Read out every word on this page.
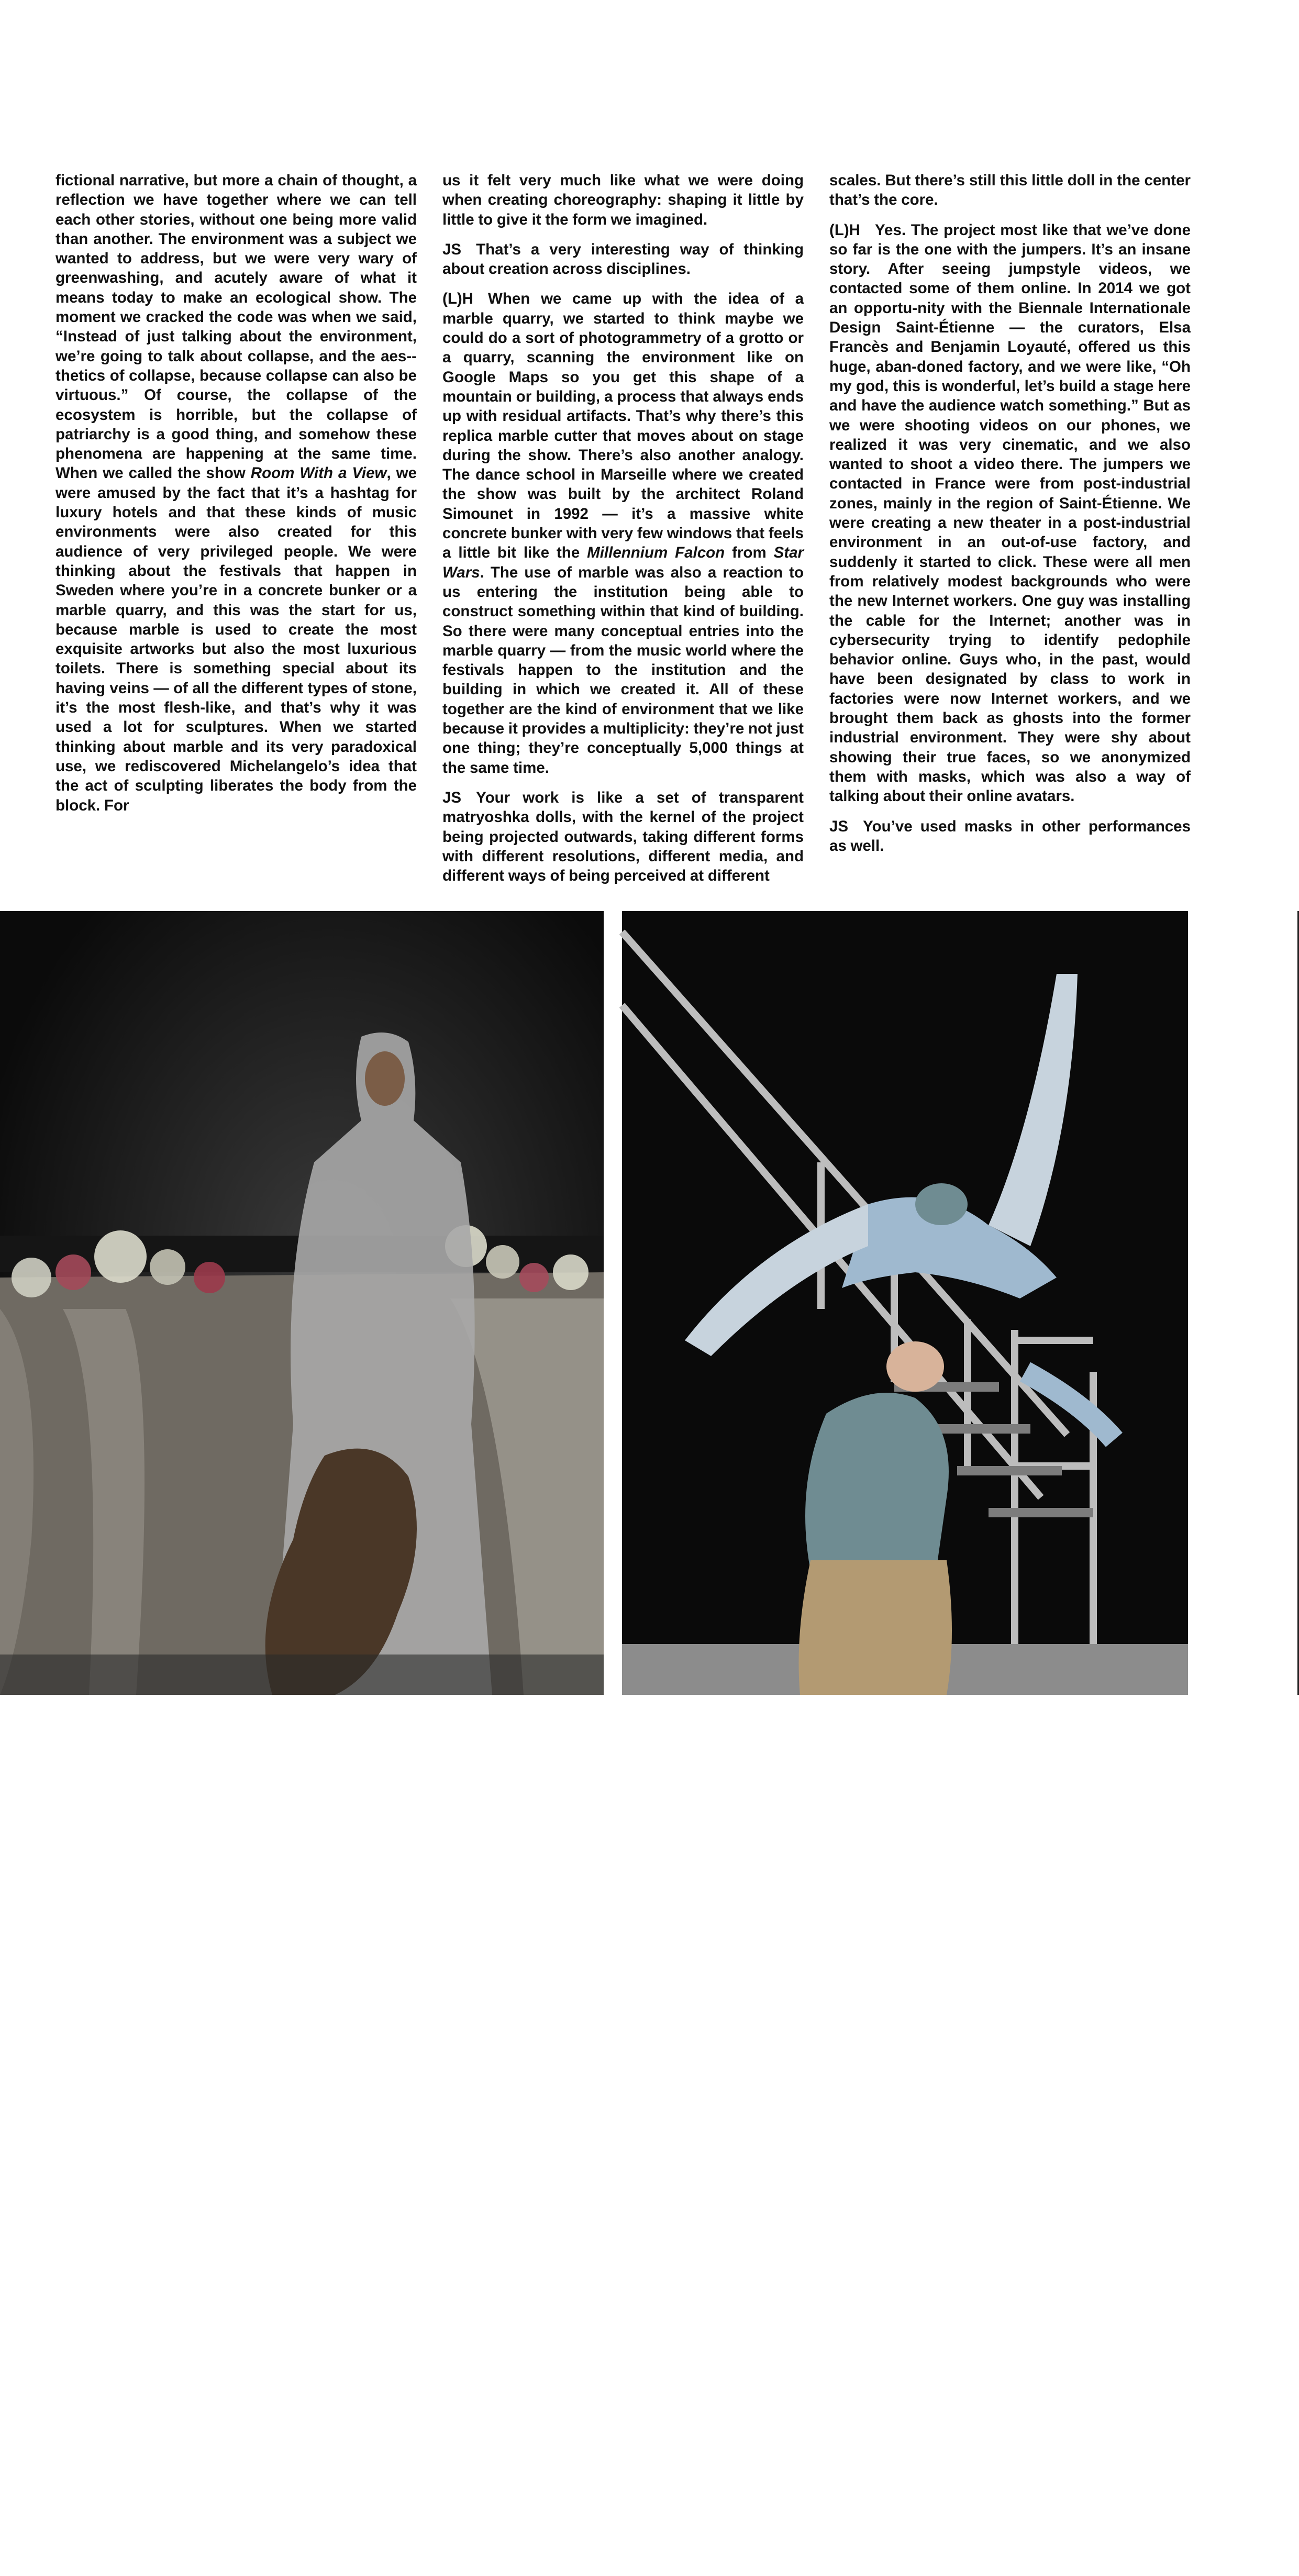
fictional narrative, but more a chain of thought, a reflection we have together where we can tell each other stories, without one being more valid than another. The environment was a subject we wanted to address, but we were very wary of greenwashing, and acutely aware of what it means today to make an ecological show. The moment we cracked the code was when we said, “Instead of just talking about the environment, we’re going to talk about collapse, and the aes-thetics of collapse, because collapse can also be virtuous.” Of course, the collapse of the ecosystem is horrible, but the collapse of patriarchy is a good thing, and somehow these phenomena are happening at the same time. When we called the show Room With a View, we were amused by the fact that it’s a hashtag for luxury hotels and that these kinds of music environments were also created for this audience of very privileged people. We were thinking about the festivals that happen in Sweden where you’re in a concrete bunker or a marble quarry, and this was the start for us, because marble is used to create the most exquisite artworks but also the most luxurious toilets. There is something special about its having veins — of all the different types of stone, it’s the most flesh-like, and that’s why it was used a lot for sculptures. When we started thinking about marble and its very paradoxical use, we rediscovered Michelangelo’s idea that the act of sculpting liberates the body from the block. For

us it felt very much like what we were doing when creating choreography: shaping it little by little to give it the form we imagined.

JS That’s a very interesting way of thinking about creation across disciplines.

(L)H When we came up with the idea of a marble quarry, we started to think maybe we could do a sort of photogrammetry of a grotto or a quarry, scanning the environment like on Google Maps so you get this shape of a mountain or building, a process that always ends up with residual artifacts. That’s why there’s this replica marble cutter that moves about on stage during the show. There’s also another analogy. The dance school in Marseille where we created the show was built by the architect Roland Simounet in 1992 — it’s a massive white concrete bunker with very few windows that feels a little bit like the Millennium Falcon from Star Wars. The use of marble was also a reaction to us entering the institution being able to construct something within that kind of building. So there were many conceptual entries into the marble quarry — from the music world where the festivals happen to the institution and the building in which we created it. All of these together are the kind of environment that we like because it provides a multiplicity: they’re not just one thing; they’re conceptually 5,000 things at the same time.

JS Your work is like a set of transparent matryoshka dolls, with the kernel of the project being projected outwards, taking different forms with different resolutions, different media, and different ways of being perceived at different

scales. But there’s still this little doll in the center that’s the core.

(L)H Yes. The project most like that we’ve done so far is the one with the jumpers. It’s an insane story. After seeing jumpstyle videos, we contacted some of them online. In 2014 we got an opportu-nity with the Biennale Internationale Design Saint-Étienne — the curators, Elsa Francès and Benjamin Loyauté, offered us this huge, aban-doned factory, and we were like, “Oh my god, this is wonderful, let’s build a stage here and have the audience watch something.” But as we were shooting videos on our phones, we realized it was very cinematic, and we also wanted to shoot a video there. The jumpers we contacted in France were from post-industrial zones, mainly in the region of Saint-Étienne. We were creating a new theater in a post-industrial environment in an out-of-use factory, and suddenly it started to click. These were all men from relatively modest backgrounds who were the new Internet workers. One guy was installing the cable for the Internet; another was in cybersecurity trying to identify pedophile behavior online. Guys who, in the past, would have been designated by class to work in factories were now Internet workers, and we brought them back as ghosts into the former industrial environment. They were shy about showing their true faces, so we anonymized them with masks, which was also a way of talking about their online avatars.

JS You’ve used masks in other performances as well.

(LA)HORDE, Marry Me in Bassiani, 2019;
Photography by Jean-Michel Blasco.
172
(LA)HORDE, Age of Content, 2023;
Photography by Blandine Soulage.
